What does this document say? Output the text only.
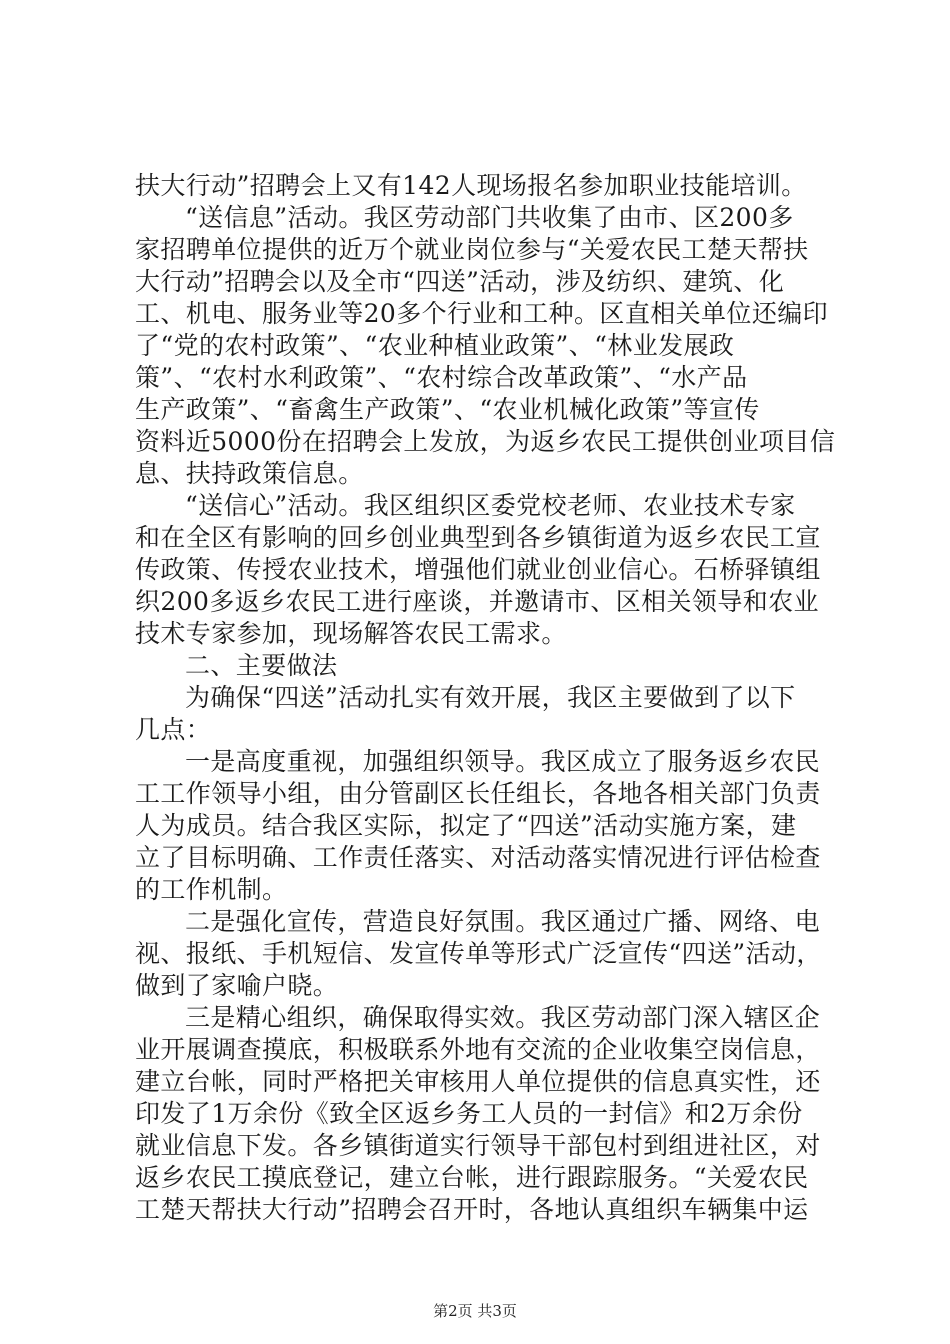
扶大行动”招聘会上又有142人现场报名参加职业技能培训。
“送信息”活动。我区劳动部门共收集了由市、区200多
家招聘单位提供的近万个就业岗位参与“关爱农民工楚天帮扶
大行动”招聘会以及全市“四送”活动，涉及纺织、建筑、化
工、机电、服务业等20多个行业和工种。区直相关单位还编印
了“党的农村政策”、“农业种植业政策”、“林业发展政
策”、“农村水利政策”、“农村综合改革政策”、“水产品
生产政策”、“畜禽生产政策”、“农业机械化政策”等宣传
资料近5000份在招聘会上发放，为返乡农民工提供创业项目信
息、扶持政策信息。
“送信心”活动。我区组织区委党校老师、农业技术专家
和在全区有影响的回乡创业典型到各乡镇街道为返乡农民工宣
传政策、传授农业技术，增强他们就业创业信心。石桥驿镇组
织200多返乡农民工进行座谈，并邀请市、区相关领导和农业
技术专家参加，现场解答农民工需求。
二、主要做法
为确保“四送”活动扎实有效开展，我区主要做到了以下
几点：
一是高度重视，加强组织领导。我区成立了服务返乡农民
工工作领导小组，由分管副区长任组长，各地各相关部门负责
人为成员。结合我区实际，拟定了“四送”活动实施方案，建
立了目标明确、工作责任落实、对活动落实情况进行评估检查
的工作机制。
二是强化宣传，营造良好氛围。我区通过广播、网络、电
视、报纸、手机短信、发宣传单等形式广泛宣传“四送”活动，
做到了家喻户晓。
三是精心组织，确保取得实效。我区劳动部门深入辖区企
业开展调查摸底，积极联系外地有交流的企业收集空岗信息，
建立台帐，同时严格把关审核用人单位提供的信息真实性，还
印发了1万余份《致全区返乡务工人员的一封信》和2万余份
就业信息下发。各乡镇街道实行领导干部包村到组进社区，对
返乡农民工摸底登记，建立台帐，进行跟踪服务。“关爱农民
工楚天帮扶大行动”招聘会召开时，各地认真组织车辆集中运
第2页 共3页
